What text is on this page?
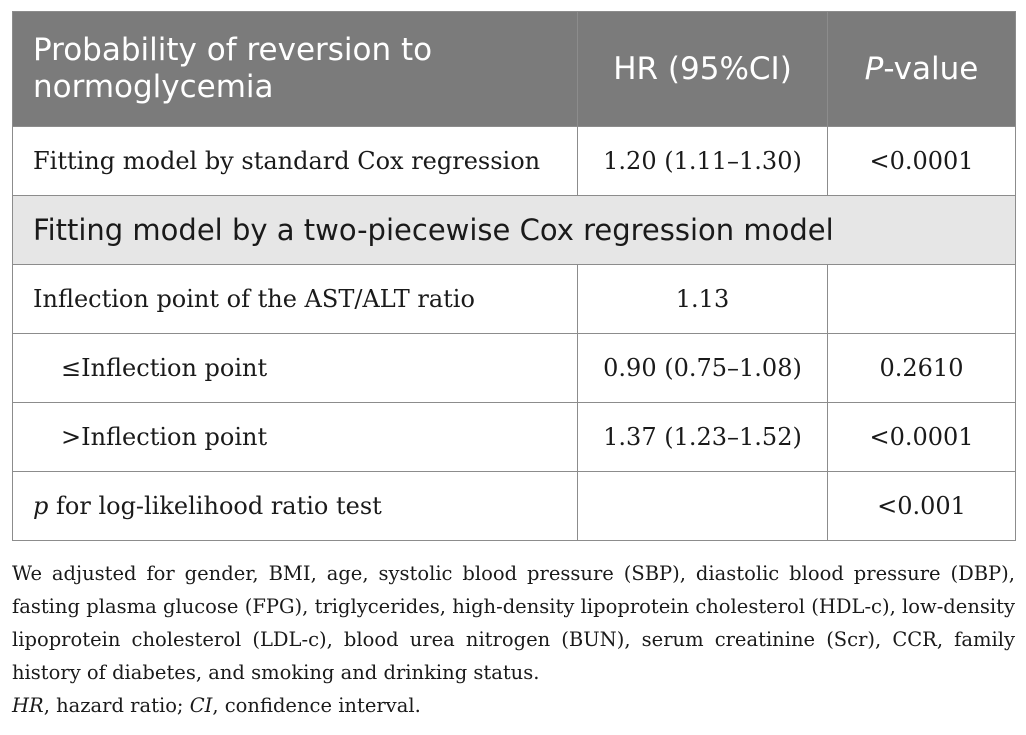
Probability of reversion to normoglycemia	HR (95%CI)	P-value
Fitting model by standard Cox regression	1.20 (1.11–1.30)	<0.0001
Fitting model by a two-piecewise Cox regression model		
Inflection point of the AST/ALT ratio	1.13	
≤Inflection point	0.90 (0.75–1.08)	0.2610
>Inflection point	1.37 (1.23–1.52)	<0.0001
p for log-likelihood ratio test		<0.001

We adjusted for gender, BMI, age, systolic blood pressure (SBP), diastolic blood pressure (DBP), fasting plasma glucose (FPG), triglycerides, high-density lipoprotein cholesterol (HDL-c), low-density lipoprotein cholesterol (LDL-c), blood urea nitrogen (BUN), serum creatinine (Scr), CCR, family history of diabetes, and smoking and drinking status.

HR, hazard ratio; CI, confidence interval.
